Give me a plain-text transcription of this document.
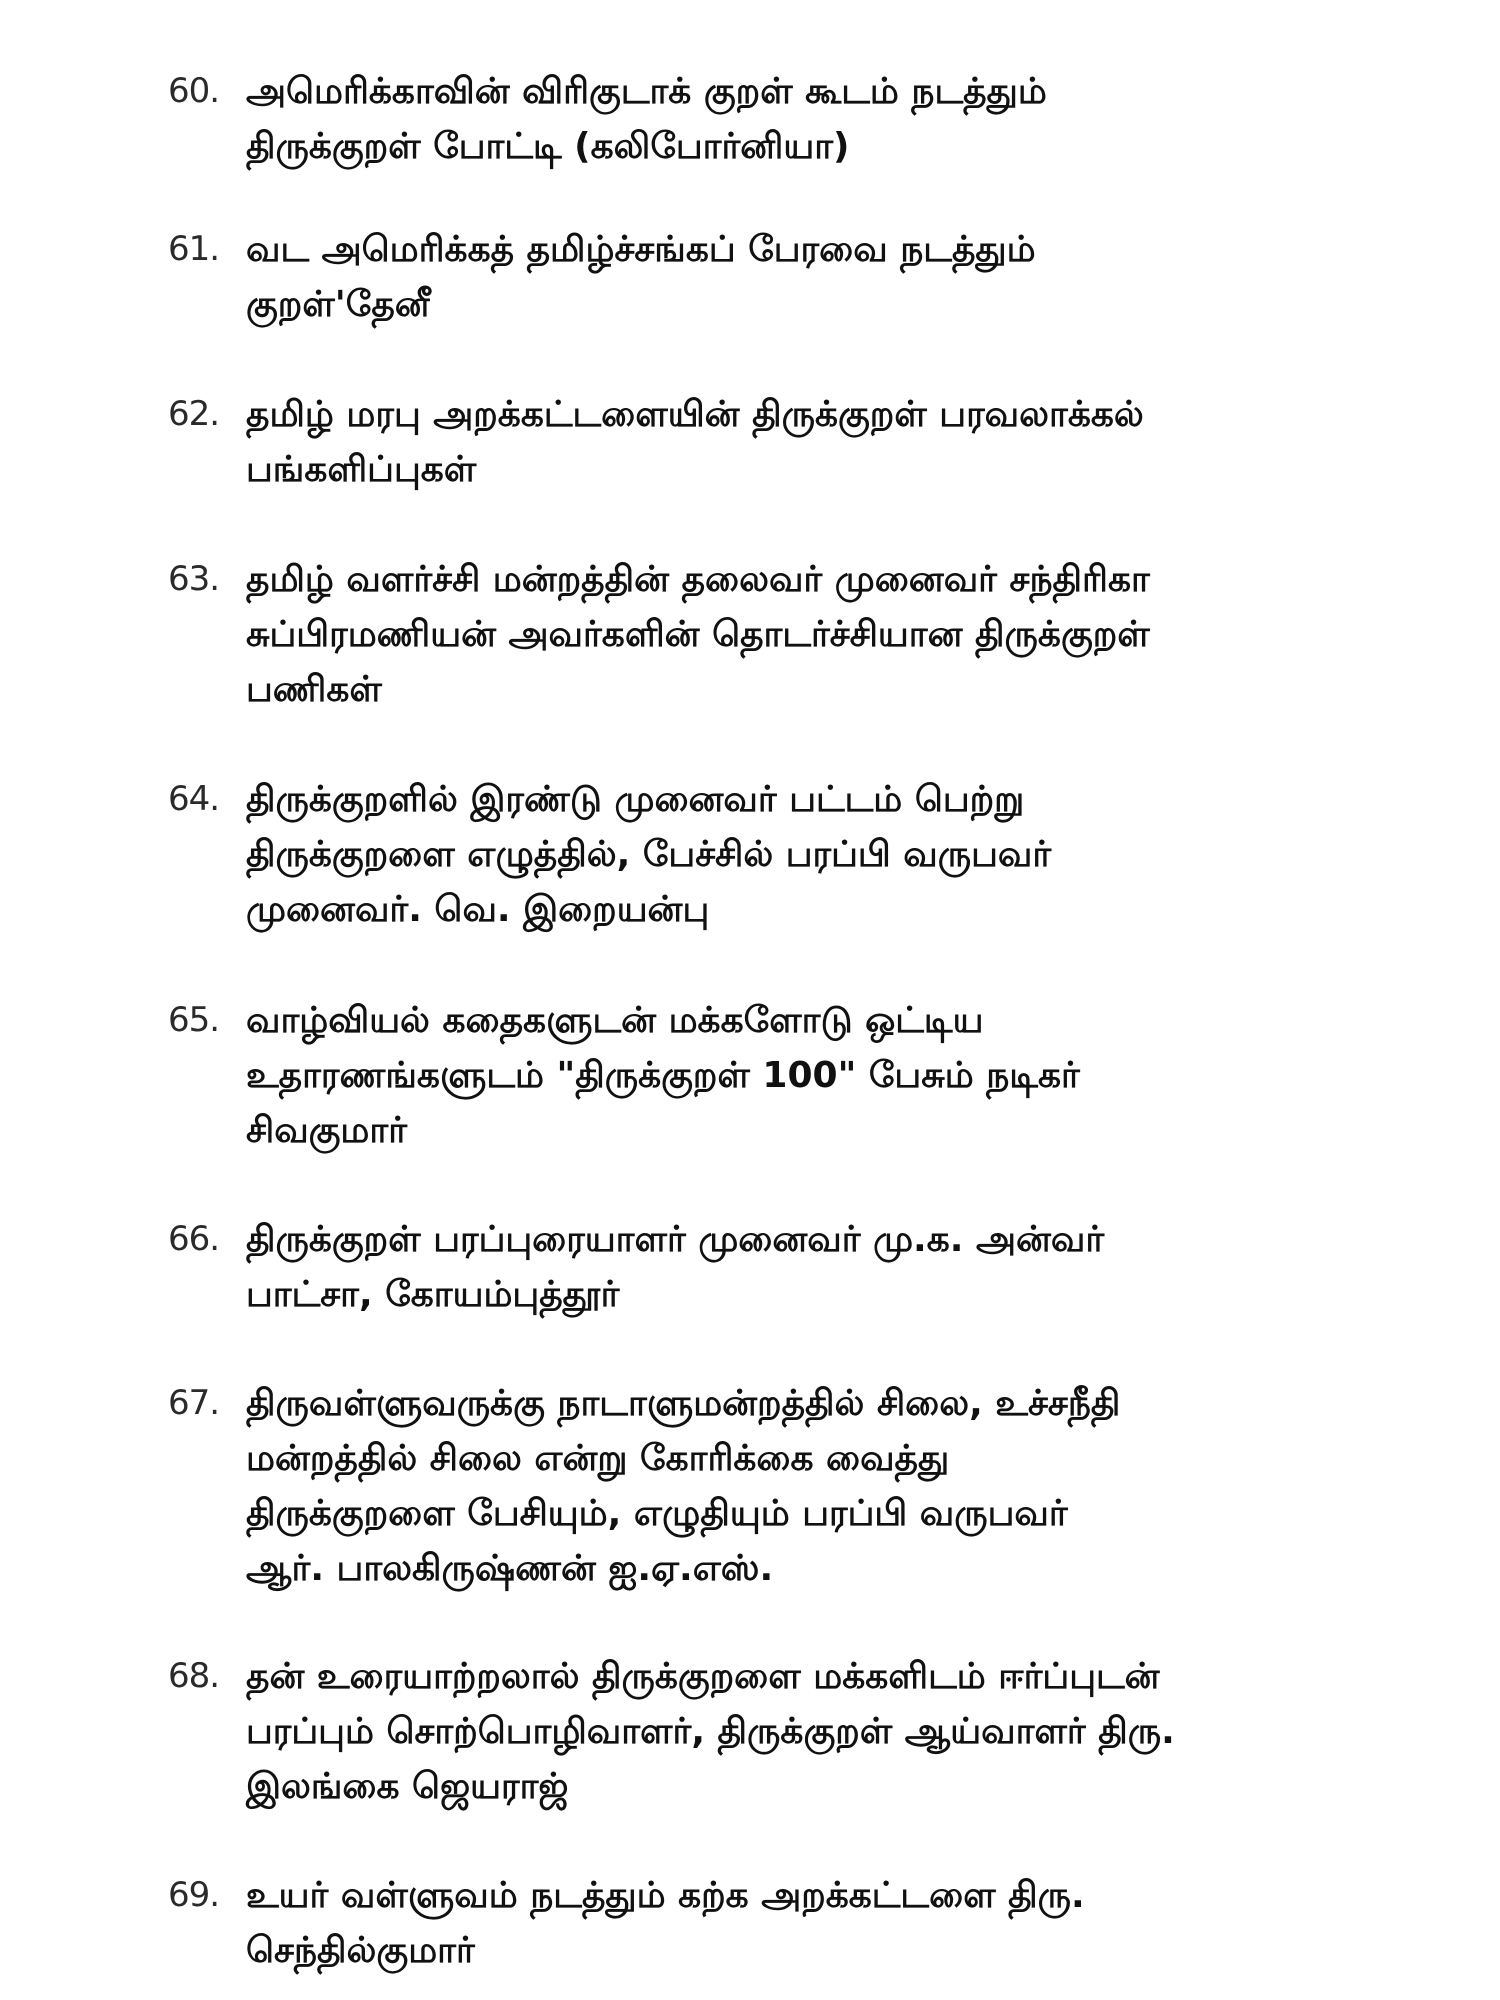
60. அமெரிக்காவின் விரிகுடாக் குறள் கூடம் நடத்தும்
திருக்குறள் போட்டி (கலிபோர்னியா)
61. வட அமெரிக்கத் தமிழ்ச்சங்கப் பேரவை நடத்தும்
குறள்'தேனீ
62. தமிழ் மரபு அறக்கட்டளையின் திருக்குறள் பரவலாக்கல்
பங்களிப்புகள்
63. தமிழ் வளர்ச்சி மன்றத்தின் தலைவர் முனைவர் சந்திரிகா
சுப்பிரமணியன் அவர்களின் தொடர்ச்சியான திருக்குறள்
பணிகள்
64. திருக்குறளில் இரண்டு முனைவர் பட்டம் பெற்று
திருக்குறளை எழுத்தில், பேச்சில் பரப்பி வருபவர்
முனைவர். வெ. இறையன்பு
65. வாழ்வியல் கதைகளுடன் மக்களோடு ஒட்டிய
உதாரணங்களுடம் "திருக்குறள் 100" பேசும் நடிகர்
சிவகுமார்
66. திருக்குறள் பரப்புரையாளர் முனைவர் மு.க. அன்வர்
பாட்சா, கோயம்புத்தூர்
67. திருவள்ளுவருக்கு நாடாளுமன்றத்தில் சிலை, உச்சநீதி
மன்றத்தில் சிலை என்று கோரிக்கை வைத்து
திருக்குறளை பேசியும், எழுதியும் பரப்பி வருபவர்
ஆர். பாலகிருஷ்ணன் ஐ.ஏ.எஸ்.
68. தன் உரையாற்றலால் திருக்குறளை மக்களிடம் ஈர்ப்புடன்
பரப்பும் சொற்பொழிவாளர், திருக்குறள் ஆய்வாளர் திரு.
இலங்கை ஜெயராஜ்
69. உயர் வள்ளுவம் நடத்தும் கற்க அறக்கட்டளை திரு.
செந்தில்குமார்
